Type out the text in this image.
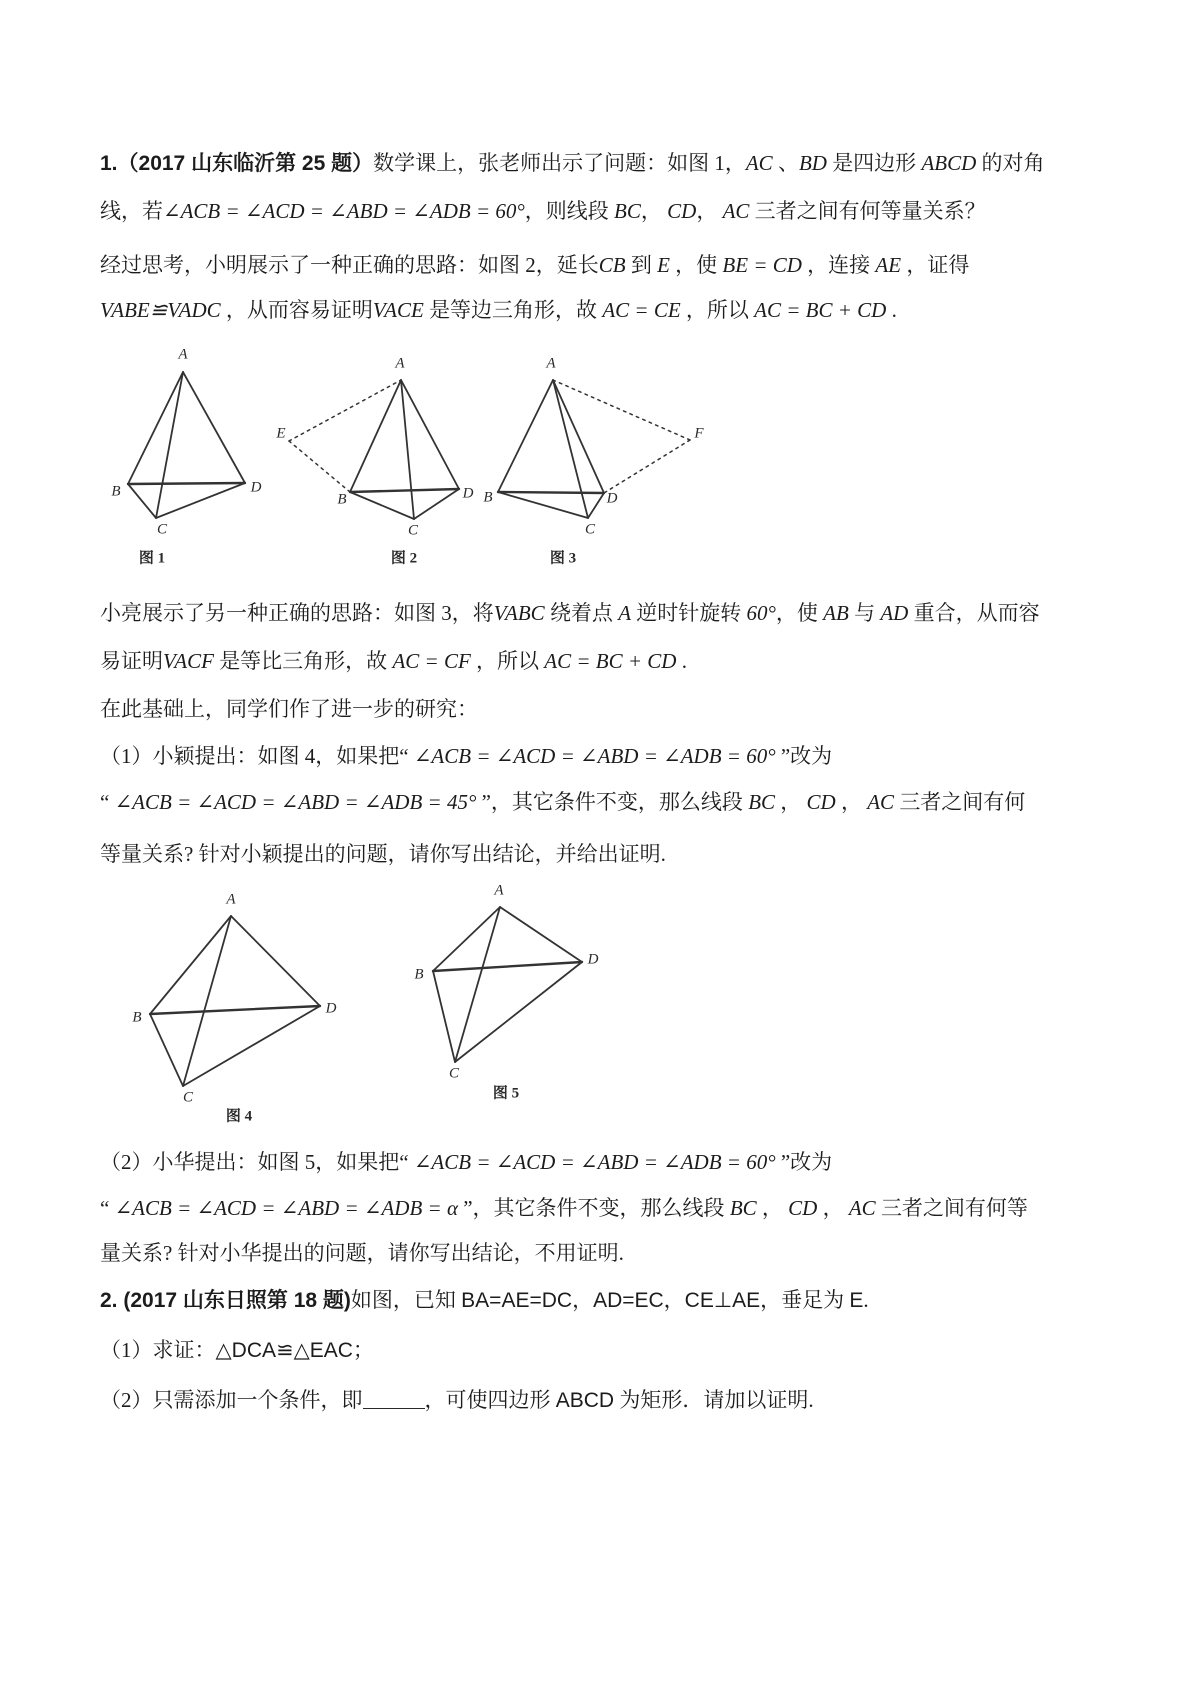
A
B	D
C
图 1
A
E
B	D
C
图 2
A
B	D
C
F
图 3
A
B
D
C
图 4
A
B
D
C
图 5
1.（2017 山东临沂第 25 题）数学课上，张老师出示了问题：如图 1，AC 、BD 是四边形 ABCD 的对角
线，若∠ACB = ∠ACD = ∠ABD = ∠ADB = 60°，则线段 BC， CD， AC 三者之间有何等量关系？
经过思考，小明展示了一种正确的思路：如图 2，延长CB 到 E ，使 BE = CD ，连接 AE ，证得
VABE≌VADC ，从而容易证明VACE 是等边三角形，故 AC = CE ，所以 AC = BC + CD .
小亮展示了另一种正确的思路：如图 3，将VABC 绕着点 A 逆时针旋转 60°，使 AB 与 AD 重合，从而容
易证明VACF 是等比三角形，故 AC = CF ，所以 AC = BC + CD .
在此基础上，同学们作了进一步的研究：
（1）小颖提出：如图 4，如果把“ ∠ACB = ∠ACD = ∠ABD = ∠ADB = 60° ”改为
“ ∠ACB = ∠ACD = ∠ABD = ∠ADB = 45° ”，其它条件不变，那么线段 BC ， CD ， AC 三者之间有何
等量关系? 针对小颖提出的问题，请你写出结论，并给出证明.
（2）小华提出：如图 5，如果把“ ∠ACB = ∠ACD = ∠ABD = ∠ADB = 60° ”改为
“ ∠ACB = ∠ACD = ∠ABD = ∠ADB = α ”，其它条件不变，那么线段 BC ， CD ， AC 三者之间有何等
量关系? 针对小华提出的问题，请你写出结论，不用证明.
2. (2017 山东日照第 18 题)如图，已知 BA=AE=DC，AD=EC，CE⊥AE，垂足为 E.
（1）求证：△DCA≌△EAC；
（2）只需添加一个条件，即	，可使四边形 ABCD 为矩形．请加以证明.
